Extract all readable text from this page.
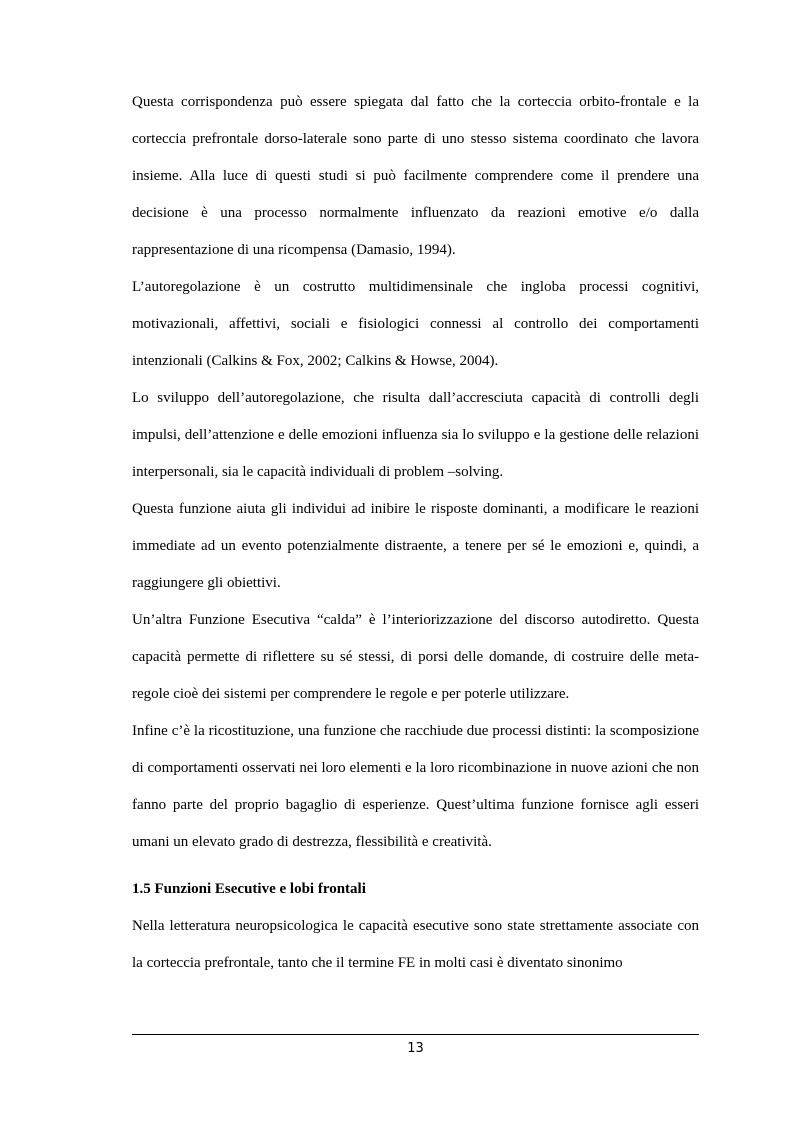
Questa corrispondenza può essere spiegata dal fatto che la corteccia orbito-frontale e la corteccia prefrontale dorso-laterale sono parte di uno stesso sistema coordinato che lavora insieme. Alla luce di questi studi si può facilmente comprendere come il prendere una decisione è una processo normalmente influenzato da reazioni emotive e/o dalla rappresentazione di una ricompensa (Damasio, 1994).

L’autoregolazione è un costrutto multidimensinale che ingloba processi cognitivi, motivazionali, affettivi, sociali e fisiologici connessi al controllo dei comportamenti intenzionali (Calkins & Fox, 2002; Calkins & Howse, 2004).

Lo sviluppo dell’autoregolazione, che risulta dall’accresciuta capacità di controlli degli impulsi, dell’attenzione e delle emozioni influenza sia lo sviluppo e la gestione delle relazioni interpersonali, sia le capacità individuali di problem –solving.

Questa funzione aiuta gli individui ad inibire le risposte dominanti, a modificare le reazioni immediate ad un evento potenzialmente distraente, a tenere per sé le emozioni e, quindi, a raggiungere gli obiettivi.

Un’altra Funzione Esecutiva “calda” è l’interiorizzazione del discorso autodiretto. Questa capacità permette di riflettere su sé stessi, di porsi delle domande, di costruire delle meta-regole cioè dei sistemi per comprendere le regole e per poterle utilizzare.

Infine c’è la ricostituzione, una funzione che racchiude due processi distinti: la scomposizione di comportamenti osservati nei loro elementi e la loro ricombinazione in nuove azioni che non fanno parte del proprio bagaglio di esperienze. Quest’ultima funzione fornisce agli esseri umani un elevato grado di destrezza, flessibilità e creatività.

1.5 Funzioni Esecutive e lobi frontali

Nella letteratura neuropsicologica le capacità esecutive sono state strettamente associate con la corteccia prefrontale, tanto che il termine FE in molti casi è diventato sinonimo

13
